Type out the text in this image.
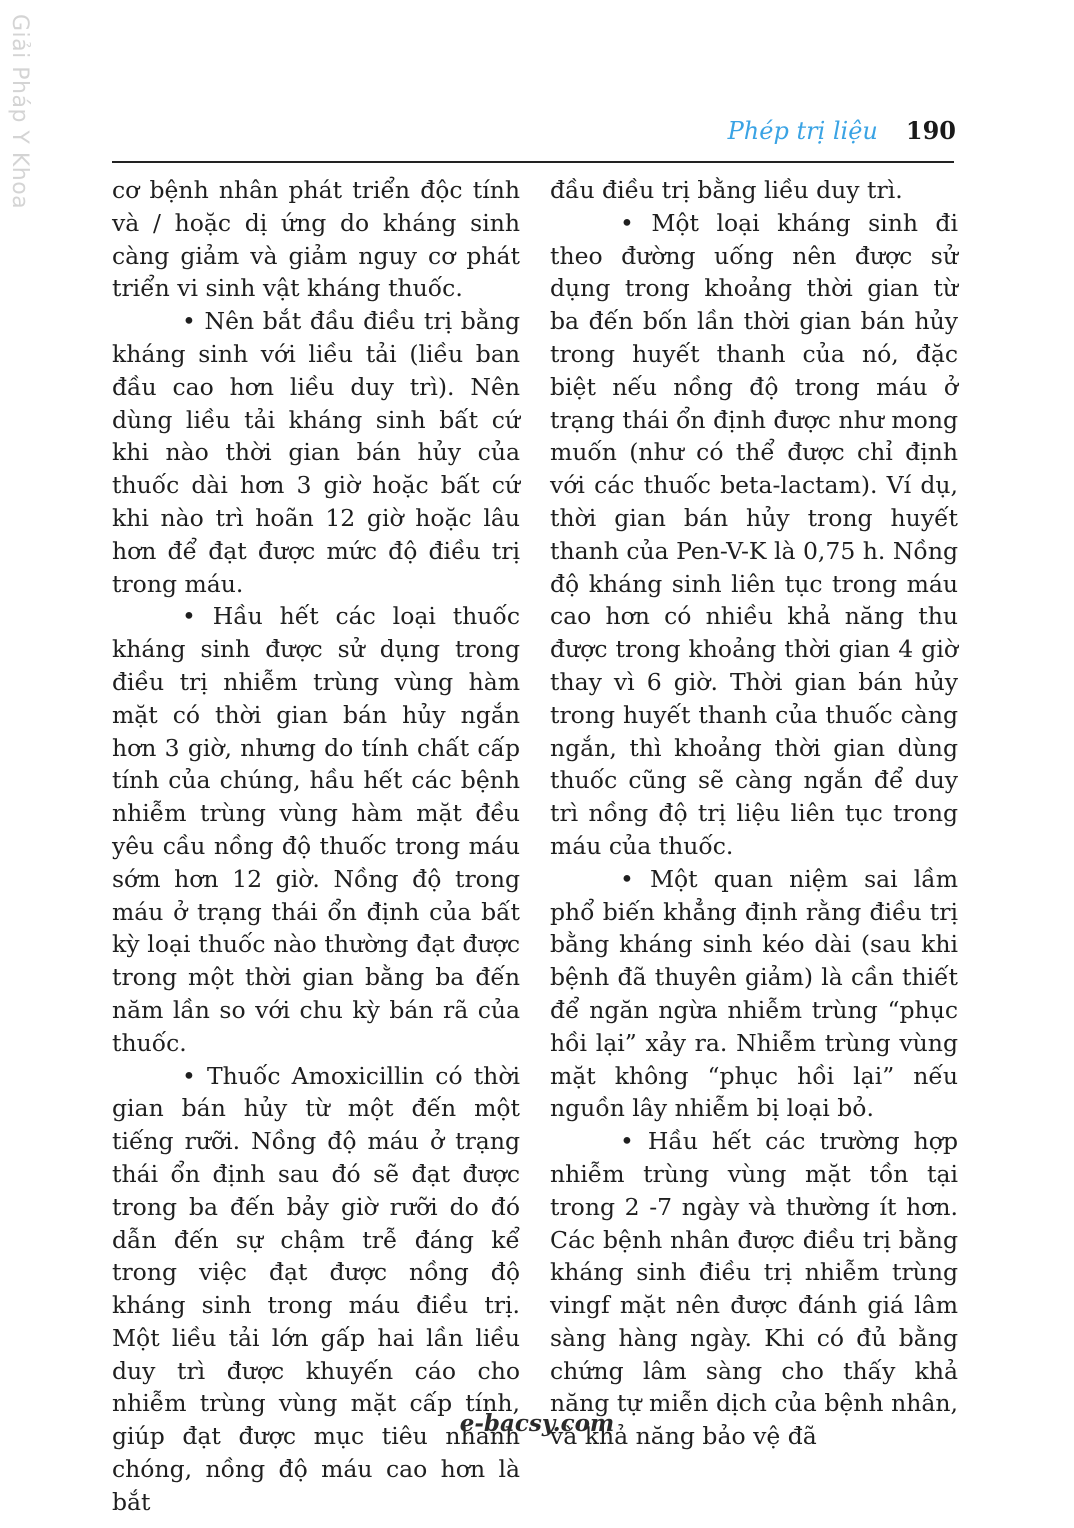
Giải Pháp Y Khoa	Phép trị liệu 190

cơ bệnh nhân phát triển độc tính và / hoặc dị ứng do kháng sinh càng giảm và giảm nguy cơ phát triển vi sinh vật kháng thuốc.

• Nên bắt đầu điều trị bằng kháng sinh với liều tải (liều ban đầu cao hơn liều duy trì). Nên dùng liều tải kháng sinh bất cứ khi nào thời gian bán hủy của thuốc dài hơn 3 giờ hoặc bất cứ khi nào trì hoãn 12 giờ hoặc lâu hơn để đạt được mức độ điều trị trong máu.

• Hầu hết các loại thuốc kháng sinh được sử dụng trong điều trị nhiễm trùng vùng hàm mặt có thời gian bán hủy ngắn hơn 3 giờ, nhưng do tính chất cấp tính của chúng, hầu hết các bệnh nhiễm trùng vùng hàm mặt đều yêu cầu nồng độ thuốc trong máu sớm hơn 12 giờ. Nồng độ trong máu ở trạng thái ổn định của bất kỳ loại thuốc nào thường đạt được trong một thời gian bằng ba đến năm lần so với chu kỳ bán rã của thuốc.

• Thuốc Amoxicillin có thời gian bán hủy từ một đến một tiếng rưỡi. Nồng độ máu ở trạng thái ổn định sau đó sẽ đạt được trong ba đến bảy giờ rưỡi do đó dẫn đến sự chậm trễ đáng kể trong việc đạt được nồng độ kháng sinh trong máu điều trị. Một liều tải lớn gấp hai lần liều duy trì được khuyến cáo cho nhiễm trùng vùng mặt cấp tính, giúp đạt được mục tiêu nhanh chóng, nồng độ máu cao hơn là bắt

đầu điều trị bằng liều duy trì.

• Một loại kháng sinh đi theo đường uống nên được sử dụng trong khoảng thời gian từ ba đến bốn lần thời gian bán hủy trong huyết thanh của nó, đặc biệt nếu nồng độ trong máu ở trạng thái ổn định được như mong muốn (như có thể được chỉ định với các thuốc beta-lactam). Ví dụ, thời gian bán hủy trong huyết thanh của Pen-V-K là 0,75 h. Nồng độ kháng sinh liên tục trong máu cao hơn có nhiều khả năng thu được trong khoảng thời gian 4 giờ thay vì 6 giờ. Thời gian bán hủy trong huyết thanh của thuốc càng ngắn, thì khoảng thời gian dùng thuốc cũng sẽ càng ngắn để duy trì nồng độ trị liệu liên tục trong máu của thuốc.

• Một quan niệm sai lầm phổ biến khẳng định rằng điều trị bằng kháng sinh kéo dài (sau khi bệnh đã thuyên giảm) là cần thiết để ngăn ngừa nhiễm trùng “phục hồi lại” xảy ra. Nhiễm trùng vùng mặt không “phục hồi lại” nếu nguồn lây nhiễm bị loại bỏ.

• Hầu hết các trường hợp nhiễm trùng vùng mặt tồn tại trong 2 -7 ngày và thường ít hơn. Các bệnh nhân được điều trị bằng kháng sinh điều trị nhiễm trùng vingf mặt nên được đánh giá lâm sàng hàng ngày. Khi có đủ bằng chứng lâm sàng cho thấy khả năng tự miễn dịch của bệnh nhân, và khả năng bảo vệ đã

e-bacsy.com
